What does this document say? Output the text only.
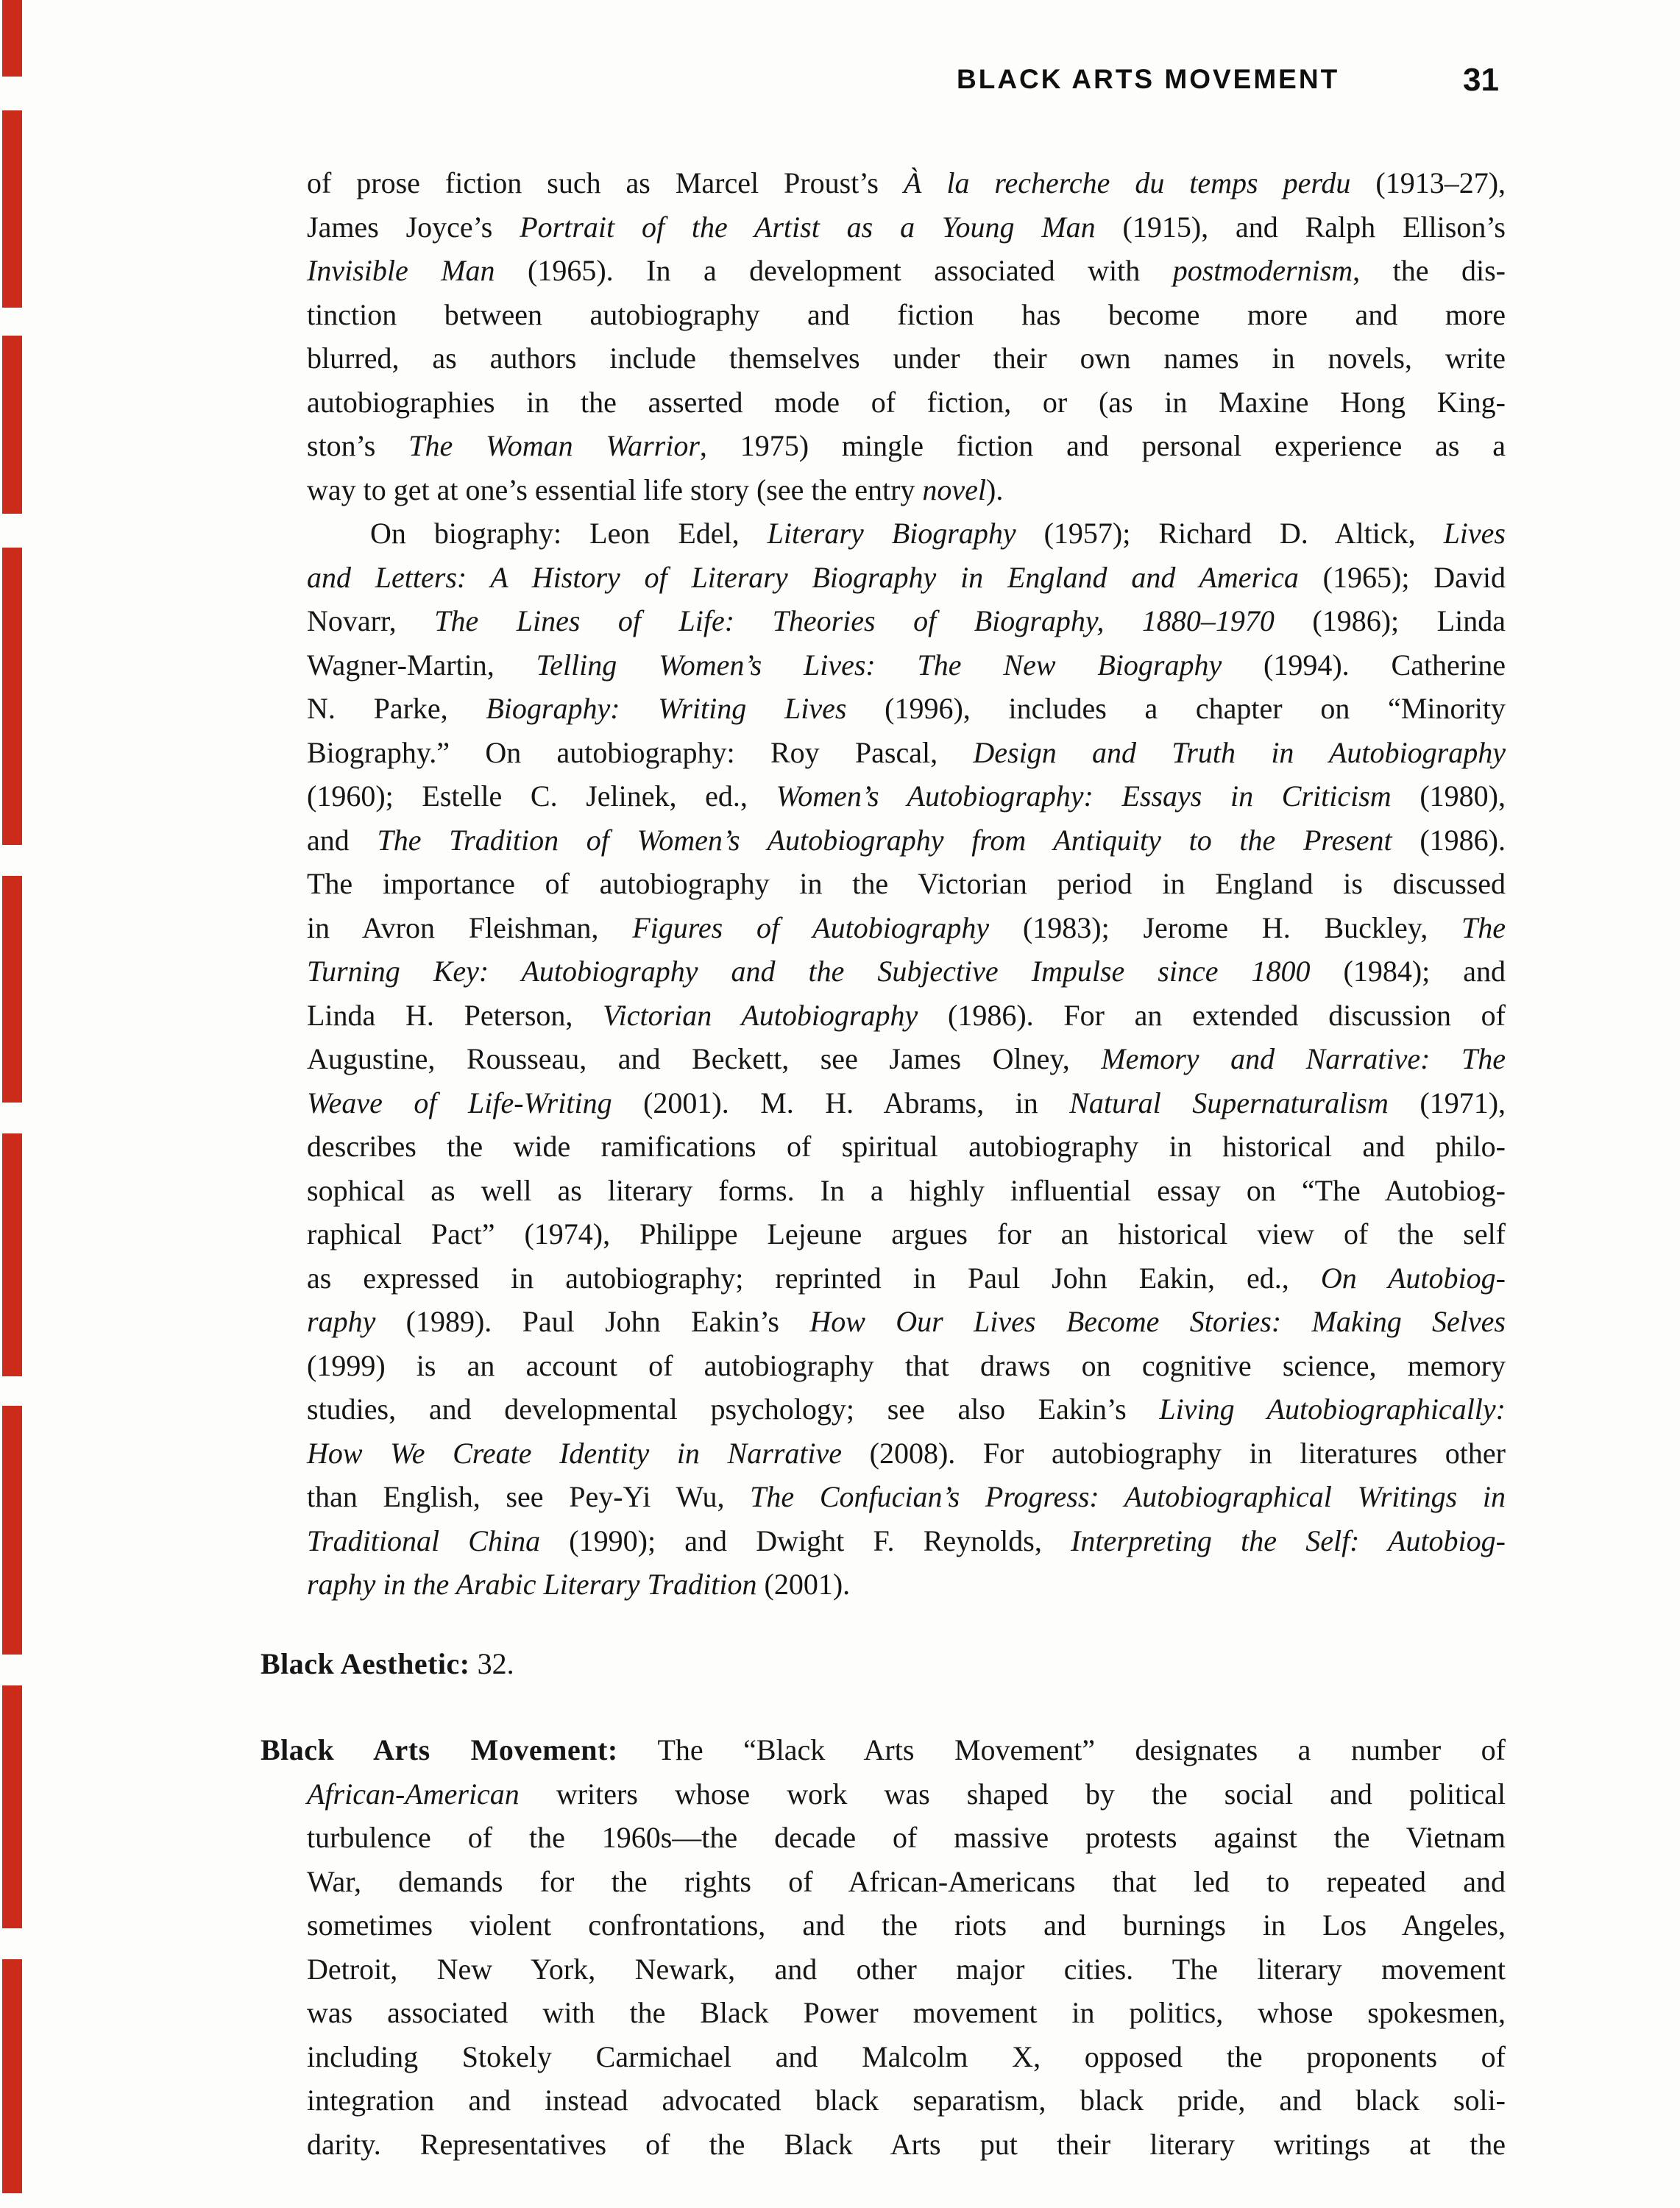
BLACK ARTS MOVEMENT	31
of prose fiction such as Marcel Proust’s À la recherche du temps perdu (1913–27),
James Joyce’s Portrait of the Artist as a Young Man (1915), and Ralph Ellison’s
Invisible Man (1965). In a development associated with postmodernism, the dis-
tinction between autobiography and fiction has become more and more
blurred, as authors include themselves under their own names in novels, write
autobiographies in the asserted mode of fiction, or (as in Maxine Hong King-
ston’s The Woman Warrior, 1975) mingle fiction and personal experience as a
way to get at one’s essential life story (see the entry novel).
On biography: Leon Edel, Literary Biography (1957); Richard D. Altick, Lives
and Letters: A History of Literary Biography in England and America (1965); David
Novarr, The Lines of Life: Theories of Biography, 1880–1970 (1986); Linda
Wagner-Martin, Telling Women’s Lives: The New Biography (1994). Catherine
N. Parke, Biography: Writing Lives (1996), includes a chapter on “Minority
Biography.” On autobiography: Roy Pascal, Design and Truth in Autobiography
(1960); Estelle C. Jelinek, ed., Women’s Autobiography: Essays in Criticism (1980),
and The Tradition of Women’s Autobiography from Antiquity to the Present (1986).
The importance of autobiography in the Victorian period in England is discussed
in Avron Fleishman, Figures of Autobiography (1983); Jerome H. Buckley, The
Turning Key: Autobiography and the Subjective Impulse since 1800 (1984); and
Linda H. Peterson, Victorian Autobiography (1986). For an extended discussion of
Augustine, Rousseau, and Beckett, see James Olney, Memory and Narrative: The
Weave of Life-Writing (2001). M. H. Abrams, in Natural Supernaturalism (1971),
describes the wide ramifications of spiritual autobiography in historical and philo-
sophical as well as literary forms. In a highly influential essay on “The Autobiog-
raphical Pact” (1974), Philippe Lejeune argues for an historical view of the self
as expressed in autobiography; reprinted in Paul John Eakin, ed., On Autobiog-
raphy (1989). Paul John Eakin’s How Our Lives Become Stories: Making Selves
(1999) is an account of autobiography that draws on cognitive science, memory
studies, and developmental psychology; see also Eakin’s Living Autobiographically:
How We Create Identity in Narrative (2008). For autobiography in literatures other
than English, see Pey-Yi Wu, The Confucian’s Progress: Autobiographical Writings in
Traditional China (1990); and Dwight F. Reynolds, Interpreting the Self: Autobiog-
raphy in the Arabic Literary Tradition (2001).
Black Aesthetic: 32.
Black Arts Movement: The “Black Arts Movement” designates a number of
African-American writers whose work was shaped by the social and political
turbulence of the 1960s—the decade of massive protests against the Vietnam
War, demands for the rights of African-Americans that led to repeated and
sometimes violent confrontations, and the riots and burnings in Los Angeles,
Detroit, New York, Newark, and other major cities. The literary movement
was associated with the Black Power movement in politics, whose spokesmen,
including Stokely Carmichael and Malcolm X, opposed the proponents of
integration and instead advocated black separatism, black pride, and black soli-
darity. Representatives of the Black Arts put their literary writings at the
